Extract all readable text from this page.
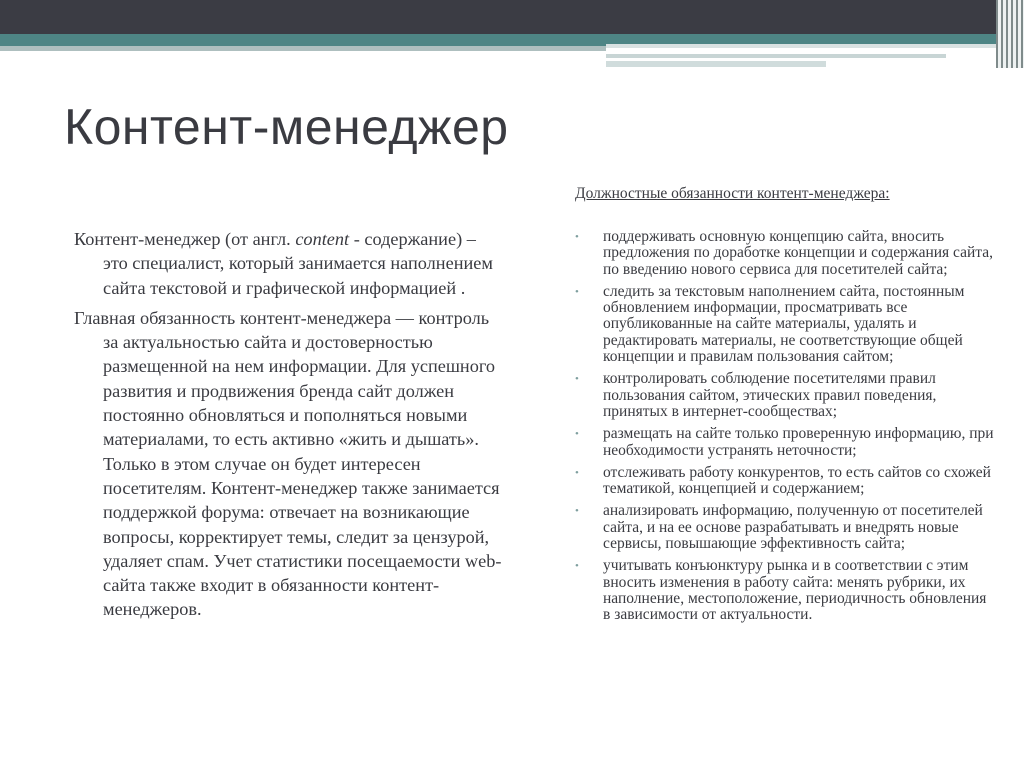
Контент-менеджер

Контент-менеджер (от англ. content - содержание) – это специалист, который занимается наполнением сайта текстовой и графической информацией .

Главная обязанность контент-менеджера — контроль за актуальностью сайта и достоверностью размещенной на нем информации. Для успешного развития и продвижения бренда сайт должен постоянно обновляться и пополняться новыми материалами, то есть активно «жить и дышать». Только в этом случае он будет интересен посетителям. Контент-менеджер также занимается поддержкой форума: отвечает на возникающие вопросы, корректирует темы, следит за цензурой, удаляет спам. Учет статистики посещаемости web-сайта также входит в обязанности контент-менеджеров.

Должностные обязанности контент-менеджера:
• поддерживать основную концепцию сайта, вносить предложения по доработке концепции и содержания сайта, по введению нового сервиса для посетителей сайта;
• следить за текстовым наполнением сайта, постоянным обновлением информации, просматривать все опубликованные на сайте материалы, удалять и редактировать материалы, не соответствующие общей концепции и правилам пользования сайтом;
• контролировать соблюдение посетителями правил пользования сайтом, этических правил поведения, принятых в интернет-сообществах;
• размещать на сайте только проверенную информацию, при необходимости устранять неточности;
• отслеживать работу конкурентов, то есть сайтов со схожей тематикой, концепцией и содержанием;
• анализировать информацию, полученную от посетителей сайта, и на ее основе разрабатывать и внедрять новые сервисы, повышающие эффективность сайта;
• учитывать конъюнктуру рынка и в соответствии с этим вносить изменения в работу сайта: менять рубрики, их наполнение, местоположение, периодичность обновления в зависимости от актуальности.
